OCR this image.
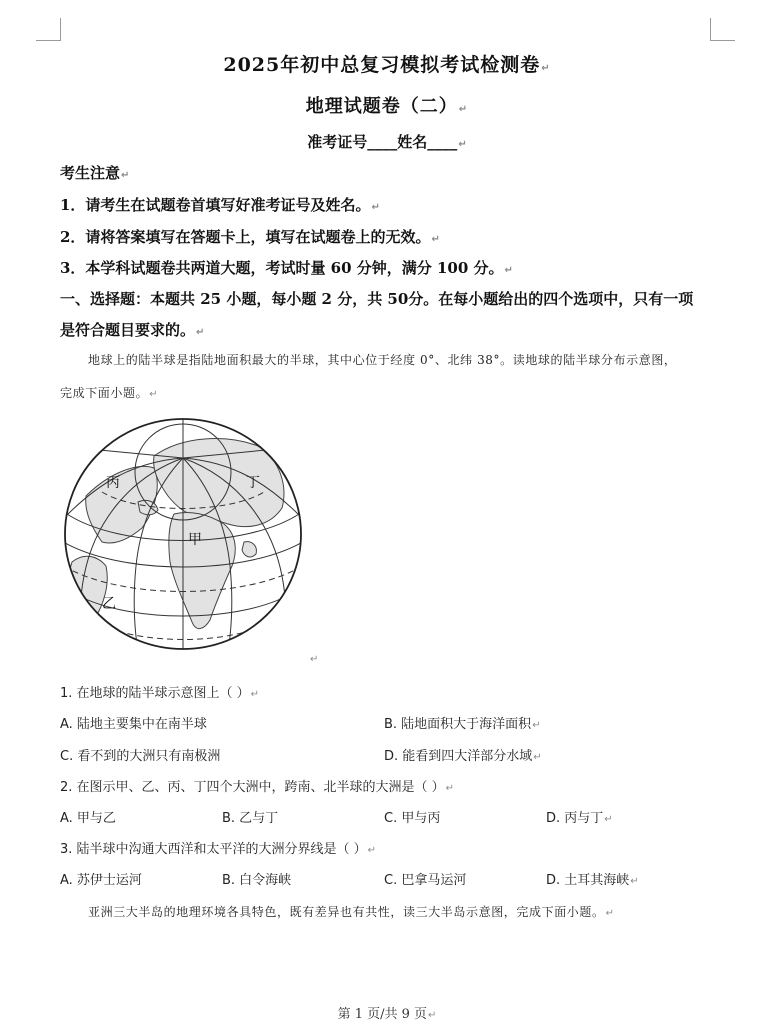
2025年初中总复习模拟考试检测卷↵
地理试题卷（二）↵
准考证号____姓名____↵
考生注意↵
1．请考生在试题卷首填写好准考证号及姓名。↵
2．请将答案填写在答题卡上，填写在试题卷上的无效。↵
3．本学科试题卷共两道大题，考试时量 60 分钟，满分 100 分。↵
一、选择题：本题共 25 小题，每小题 2 分，共 50分。在每小题给出的四个选项中，只有一项
是符合题目要求的。↵
地球上的陆半球是指陆地面积最大的半球，其中心位于经度 0°、北纬 38°。读地球的陆半球分布示意图，
完成下面小题。↵
丙	丁
甲
乙
↵
1. 在地球的陆半球示意图上（ ）↵
A. 陆地主要集中在南半球	B. 陆地面积大于海洋面积↵
C. 看不到的大洲只有南极洲	D. 能看到四大洋部分水域↵
2. 在图示甲、乙、丙、丁四个大洲中，跨南、北半球的大洲是（ ）↵
A. 甲与乙	B. 乙与丁	C. 甲与丙	D. 丙与丁↵
3. 陆半球中沟通大西洋和太平洋的大洲分界线是（ ）↵
A. 苏伊士运河	B. 白令海峡	C. 巴拿马运河	D. 土耳其海峡↵
亚洲三大半岛的地理环境各具特色，既有差异也有共性，读三大半岛示意图，完成下面小题。↵
第 1 页/共 9 页↵
